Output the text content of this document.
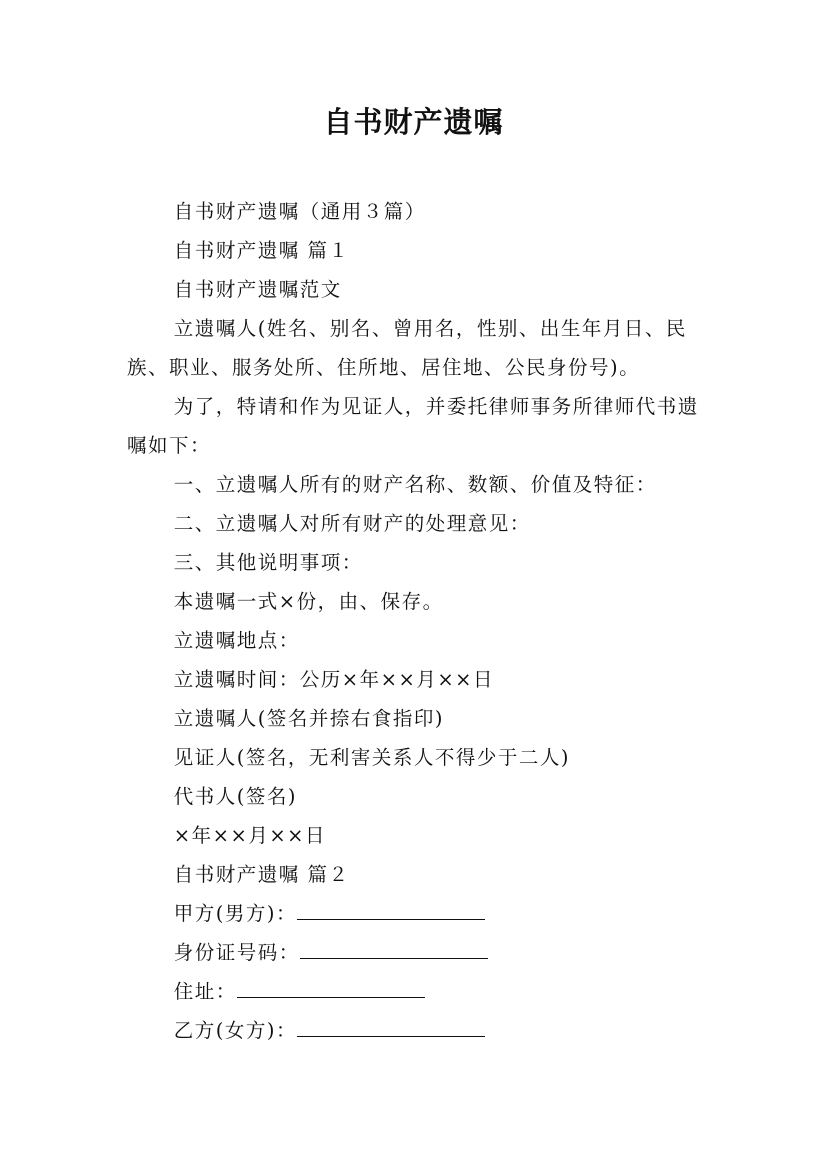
自书财产遗嘱

自书财产遗嘱（通用３篇）

自书财产遗嘱 篇１

自书财产遗嘱范文

立遗嘱人(姓名、别名、曾用名，性别、出生年月日、民族、职业、服务处所、住所地、居住地、公民身份号)。

为了，特请和作为见证人，并委托律师事务所律师代书遗嘱如下：

一、立遗嘱人所有的财产名称、数额、价值及特征：

二、立遗嘱人对所有财产的处理意见：

三、其他说明事项：

本遗嘱一式×份，由、保存。

立遗嘱地点：

立遗嘱时间：公历×年××月××日

立遗嘱人(签名并捺右食指印)

见证人(签名，无利害关系人不得少于二人)

代书人(签名)

×年××月××日

自书财产遗嘱 篇２

甲方(男方)：

身份证号码：

住址：

乙方(女方)：
